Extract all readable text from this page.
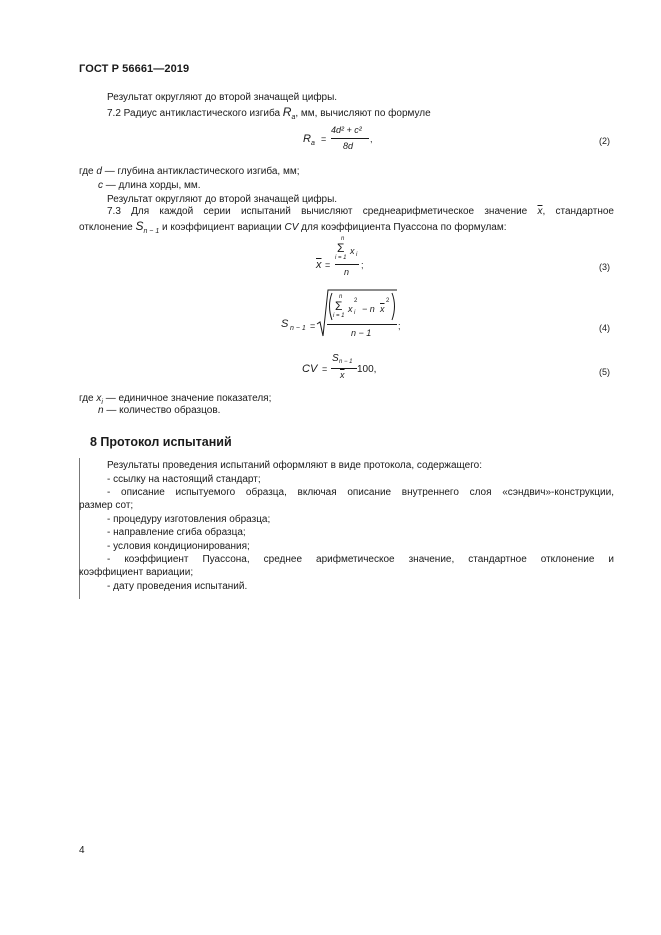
ГОСТ Р 56661—2019
Результат округляют до второй значащей цифры.
7.2 Радиус антикластического изгиба $R_a$, мм, вычисляют по формуле
R a =
4d² + c²
8d
,	(2)
где d — глубина антикластического изгиба, мм;
c — длина хорды, мм.
Результат округляют до второй значащей цифры.
7.3 Для каждой серии испытаний вычисляют среднеарифметическое значение $\overline{x}$, стандартное
отклонение $S_{n - 1}$ и коэффициент вариации CV для коэффициента Пуассона по формулам:
$\overline{x}$ =
n
Σ
i = 1
x i
n
;	(3)
S n − 1 =
n
Σ
i = 1
x
2
i − n $\overline{x}$
2
n − 1
;	(4)
CV =
S n − 1
$\overline{x}$ 100,	(5)
где $x_i$ — единичное значение показателя;
n — количество образцов.
8 Протокол испытаний
Результаты проведения испытаний оформляют в виде протокола, содержащего:
- ссылку на настоящий стандарт;
- описание испытуемого образца, включая описание внутреннего слоя «сэндвич»-конструкции,
размер сот;
- процедуру изготовления образца;
- направление сгиба образца;
- условия кондиционирования;
- коэффициент Пуассона, среднее арифметическое значение, стандартное отклонение и
коэффициент вариации;
- дату проведения испытаний.
4
